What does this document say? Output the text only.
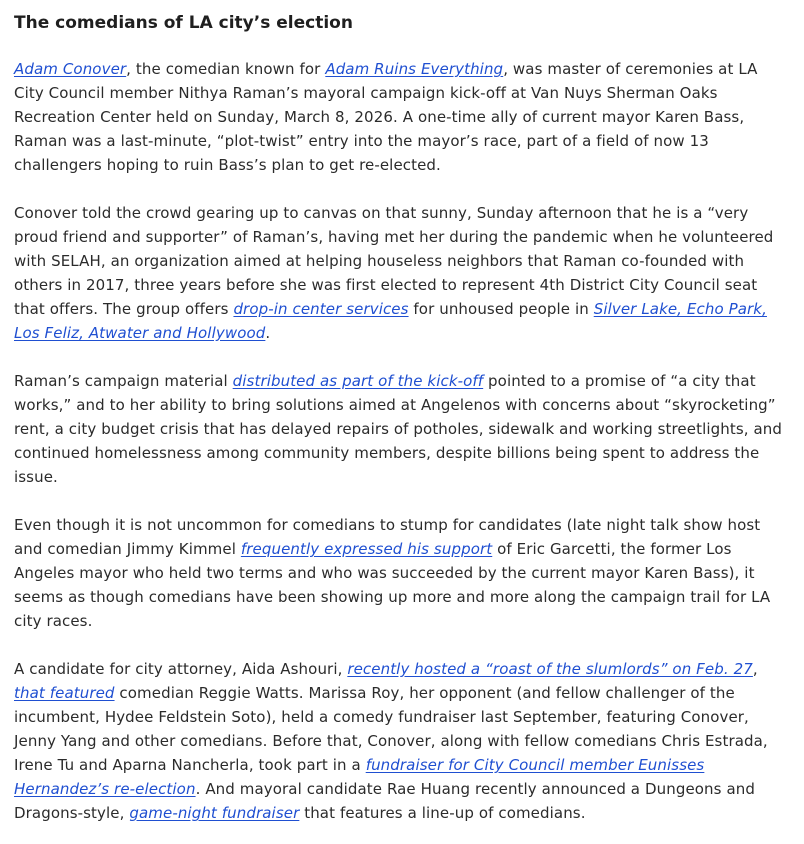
The comedians of LA city’s election

Adam Conover, the comedian known for Adam Ruins Everything, was master of ceremonies at LA City Council member Nithya Raman’s mayoral campaign kick-off at Van Nuys Sherman Oaks Recreation Center held on Sunday, March 8, 2026. A one-time ally of current mayor Karen Bass, Raman was a last-minute, “plot-twist” entry into the mayor’s race, part of a field of now 13 challengers hoping to ruin Bass’s plan to get re-elected.

Conover told the crowd gearing up to canvas on that sunny, Sunday afternoon that he is a “very proud friend and supporter” of Raman’s, having met her during the pandemic when he volunteered with SELAH, an organization aimed at helping houseless neighbors that Raman co-founded with others in 2017, three years before she was first elected to represent 4th District City Council seat that offers. The group offers drop-in center services for unhoused people in Silver Lake, Echo Park, Los Feliz, Atwater and Hollywood.

Raman’s campaign material distributed as part of the kick-off pointed to a promise of “a city that works,” and to her ability to bring solutions aimed at Angelenos with concerns about “skyrocketing” rent, a city budget crisis that has delayed repairs of potholes, sidewalk and working streetlights, and continued homelessness among community members, despite billions being spent to address the issue.

Even though it is not uncommon for comedians to stump for candidates (late night talk show host and comedian Jimmy Kimmel frequently expressed his support of Eric Garcetti, the former Los Angeles mayor who held two terms and who was succeeded by the current mayor Karen Bass), it seems as though comedians have been showing up more and more along the campaign trail for LA city races.

A candidate for city attorney, Aida Ashouri, recently hosted a “roast of the slumlords” on Feb. 27, that featured comedian Reggie Watts. Marissa Roy, her opponent (and fellow challenger of the incumbent, Hydee Feldstein Soto), held a comedy fundraiser last September, featuring Conover, Jenny Yang and other comedians. Before that, Conover, along with fellow comedians Chris Estrada, Irene Tu and Aparna Nancherla, took part in a fundraiser for City Council member Eunisses Hernandez’s re-election. And mayoral candidate Rae Huang recently announced a Dungeons and Dragons-style, game-night fundraiser that features a line-up of comedians.
